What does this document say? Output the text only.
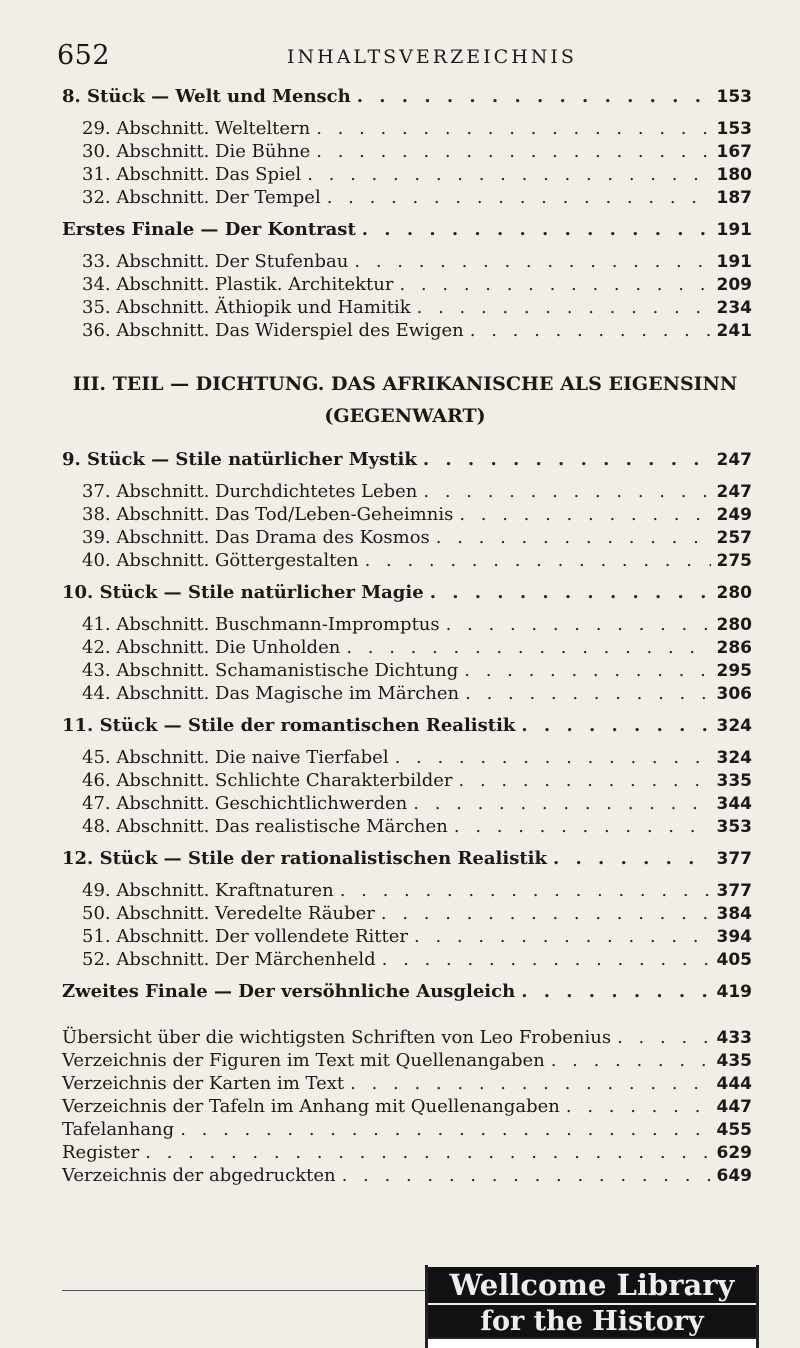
652	INHALTSVERZEICHNIS
8. Stück — Welt und Mensch . . .	153
29. Abschnitt. Welteltern . . .	153
30. Abschnitt. Die Bühne . . .	167
31. Abschnitt. Das Spiel . . .	180
32. Abschnitt. Der Tempel . . .	187
Erstes Finale — Der Kontrast . . .	191
33. Abschnitt. Der Stufenbau . . .	191
34. Abschnitt. Plastik. Architektur . . .	209
35. Abschnitt. Äthiopik und Hamitik . . .	234
36. Abschnitt. Das Widerspiel des Ewigen . . .	241
III. TEIL — DICHTUNG. DAS AFRIKANISCHE ALS EIGENSINN
(GEGENWART)
9. Stück — Stile natürlicher Mystik . . .	247
37. Abschnitt. Durchdichtetes Leben . . .	247
38. Abschnitt. Das Tod/Leben-Geheimnis . . .	249
39. Abschnitt. Das Drama des Kosmos . . .	257
40. Abschnitt. Göttergestalten . . .	275
10. Stück — Stile natürlicher Magie . . .	280
41. Abschnitt. Buschmann-Impromptus . . .	280
42. Abschnitt. Die Unholden . . .	286
43. Abschnitt. Schamanistische Dichtung . . .	295
44. Abschnitt. Das Magische im Märchen . . .	306
11. Stück — Stile der romantischen Realistik . . .	324
45. Abschnitt. Die naive Tierfabel . . .	324
46. Abschnitt. Schlichte Charakterbilder . . .	335
47. Abschnitt. Geschichtlichwerden . . .	344
48. Abschnitt. Das realistische Märchen . . .	353
12. Stück — Stile der rationalistischen Realistik . . .	377
49. Abschnitt. Kraftnaturen . . .	377
50. Abschnitt. Veredelte Räuber . . .	384
51. Abschnitt. Der vollendete Ritter . . .	394
52. Abschnitt. Der Märchenheld . . .	405
Zweites Finale — Der versöhnliche Ausgleich . . .	419
Übersicht über die wichtigsten Schriften von Leo Frobenius . . .	433
Verzeichnis der Figuren im Text mit Quellenangaben . . .	435
Verzeichnis der Karten im Text . . .	444
Verzeichnis der Tafeln im Anhang mit Quellenangaben . . .	447
Tafelanhang . . .	455
Register . . .	629
Verzeichnis der abgedruckten . . .	649
Wellcome Library
for the History
